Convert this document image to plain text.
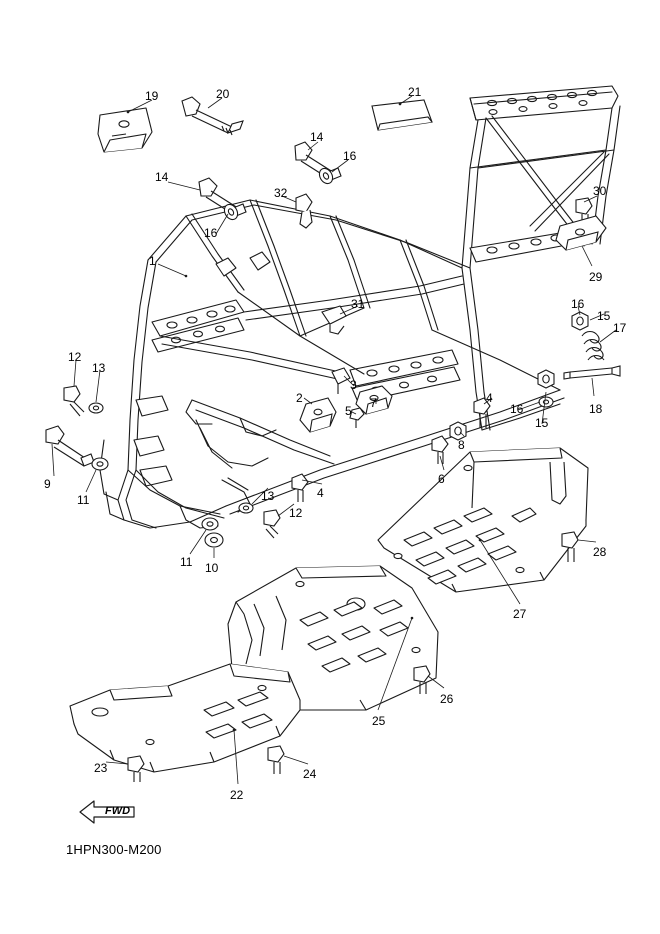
FWD
1HPN300-M200
19	20	21
14
16
14
32	30
16
29
1
31	16
15
17
12
13
16
15
18
2
3
5
7	4
6
8
9
11	13	4
12
11 10
28
27
26
25
23	24
22
